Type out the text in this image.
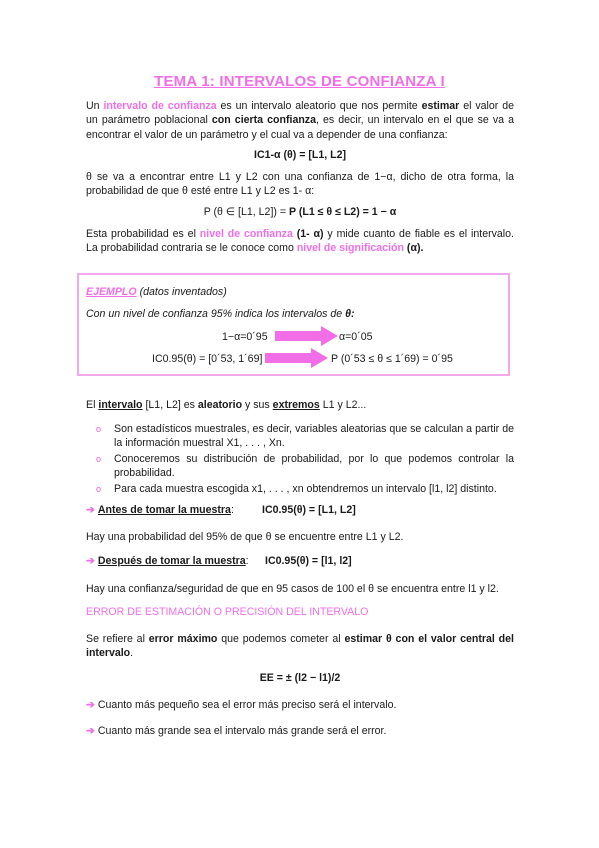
TEMA 1: INTERVALOS DE CONFIANZA I
Un intervalo de confianza es un intervalo aleatorio que nos permite estimar el valor de un parámetro poblacional con cierta confianza, es decir, un intervalo en el que se va a encontrar el valor de un parámetro y el cual va a depender de una confianza:
IC1-α (θ) = [L1, L2]
θ se va a encontrar entre L1 y L2 con una confianza de 1−α, dicho de otra forma, la probabilidad de que θ esté entre L1 y L2 es 1- α:
P (θ ∈ [L1, L2]) = P (L1 ≤ θ ≤ L2) = 1 − α
Esta probabilidad es el nivel de confianza (1- α) y mide cuanto de fiable es el intervalo. La probabilidad contraria se le conoce como nivel de significación (α).
EJEMPLO (datos inventados)
Con un nivel de confianza 95% indica los intervalos de θ:
1−α=0´95	α=0´05
IC0.95(θ) = [0´53, 1´69]	P (0´53 ≤ θ ≤ 1´69) = 0´95
El intervalo [L1, L2] es aleatorio y sus extremos L1 y L2...
o Son estadísticos muestrales, es decir, variables aleatorias que se calculan a partir de la información muestral X1, . . . , Xn.
o Conoceremos su distribución de probabilidad, por lo que podemos controlar la probabilidad.
o Para cada muestra escogida x1, . . . , xn obtendremos un intervalo [l1, l2] distinto.
➔ Antes de tomar la muestra:	IC0.95(θ) = [L1, L2]
Hay una probabilidad del 95% de que θ se encuentre entre L1 y L2.
➔ Después de tomar la muestra:	IC0.95(θ) = [l1, l2]
Hay una confianza/seguridad de que en 95 casos de 100 el θ se encuentra entre l1 y l2.
ERROR DE ESTIMACIÓN O PRECISIÓN DEL INTERVALO
Se refiere al error máximo que podemos cometer al estimar θ con el valor central del intervalo.
EE = ± (l2 − l1)/2
➔ Cuanto más pequeño sea el error más preciso será el intervalo.
➔ Cuanto más grande sea el intervalo más grande será el error.
